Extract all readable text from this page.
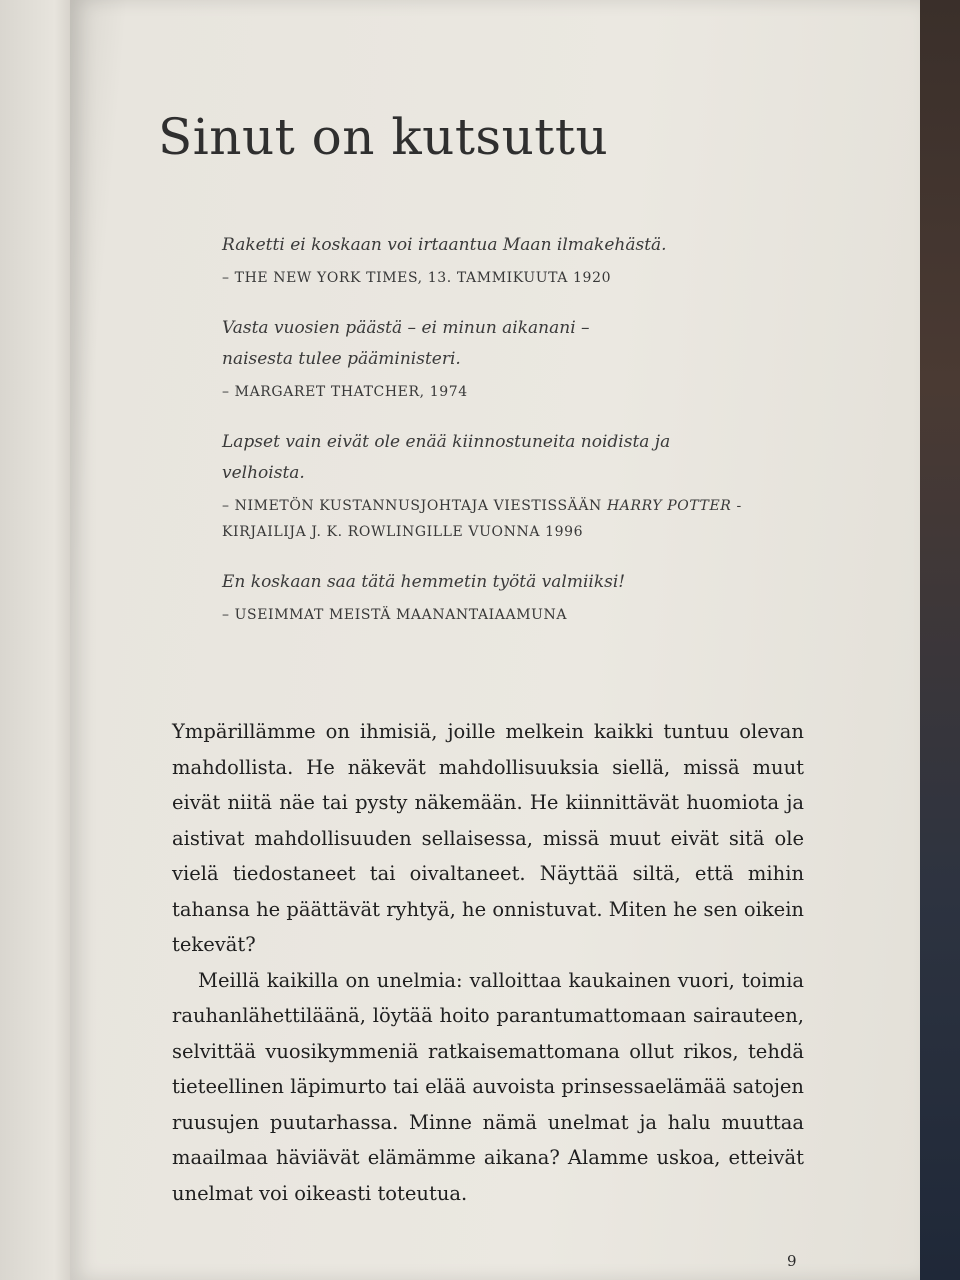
Sinut on kutsuttu
Raketti ei koskaan voi irtaantua Maan ilmakehästä.
– THE NEW YORK TIMES, 13. TAMMIKUUTA 1920
Vasta vuosien päästä – ei minun aikanani – naisesta tulee pääministeri.
– MARGARET THATCHER, 1974
Lapset vain eivät ole enää kiinnostuneita noidista ja velhoista.
– NIMETÖN KUSTANNUSJOHTAJA VIESTISSÄÄN HARRY POTTER -KIRJAILIJA J. K. ROWLINGILLE VUONNA 1996
En koskaan saa tätä hemmetin työtä valmiiksi!
– USEIMMAT MEISTÄ MAANANTAIAAMUNA

Ympärillämme on ihmisiä, joille melkein kaikki tuntuu olevan mahdollista. He näkevät mahdollisuuksia siellä, missä muut eivät niitä näe tai pysty näkemään. He kiinnittävät huomiota ja aistivat mahdollisuuden sellaisessa, missä muut eivät sitä ole vielä tiedostaneet tai oivaltaneet. Näyttää siltä, että mihin tahansa he päättävät ryhtyä, he onnistuvat. Miten he sen oikein tekevät?

Meillä kaikilla on unelmia: valloittaa kaukainen vuori, toimia rauhanlähettiläänä, löytää hoito parantumattomaan sairauteen, selvittää vuosikymmeniä ratkaisemattomana ollut rikos, tehdä tieteellinen läpimurto tai elää auvoista prinsessaelämää satojen ruusujen puutarhassa. Minne nämä unelmat ja halu muuttaa maailmaa häviävät elämämme aikana? Alamme uskoa, etteivät unelmat voi oikeasti toteutua.

9
